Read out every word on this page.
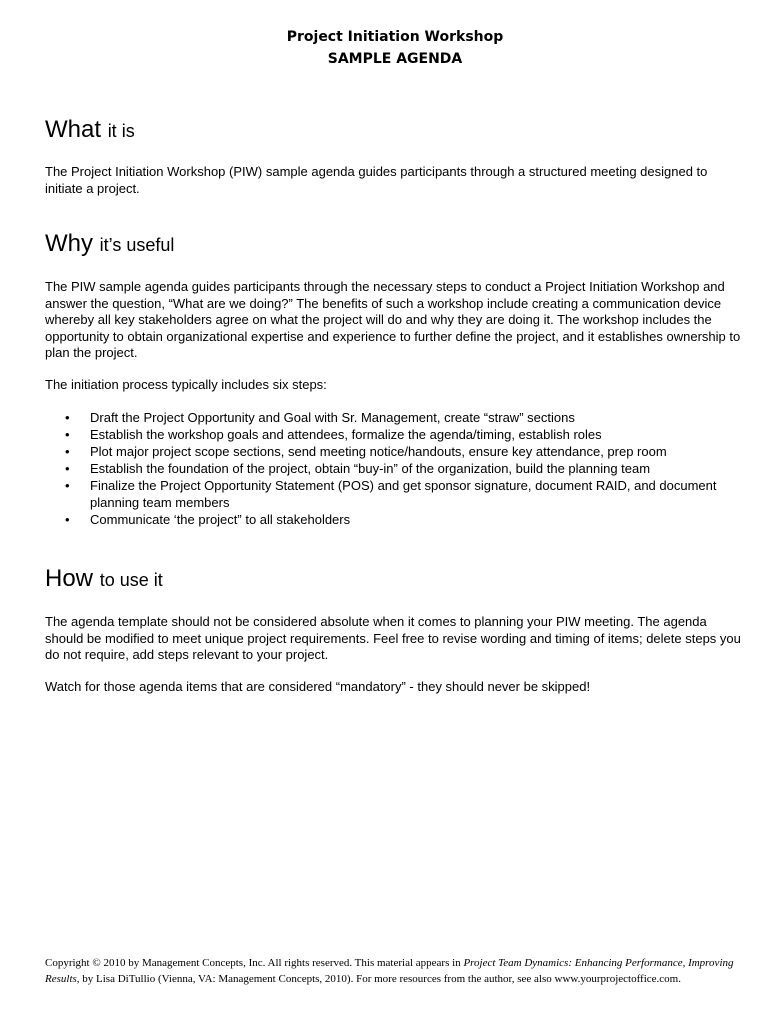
Project Initiation Workshop
SAMPLE AGENDA
What it is

The Project Initiation Workshop (PIW) sample agenda guides participants through a structured meeting designed to initiate a project.

Why it’s useful

The PIW sample agenda guides participants through the necessary steps to conduct a Project Initiation Workshop and answer the question, “What are we doing?” The benefits of such a workshop include creating a communication device whereby all key stakeholders agree on what the project will do and why they are doing it. The workshop includes the opportunity to obtain organizational expertise and experience to further define the project, and it establishes ownership to plan the project.

The initiation process typically includes six steps:

• Draft the Project Opportunity and Goal with Sr. Management, create “straw” sections
• Establish the workshop goals and attendees, formalize the agenda/timing, establish roles
• Plot major project scope sections, send meeting notice/handouts, ensure key attendance, prep room
• Establish the foundation of the project, obtain “buy-in” of the organization, build the planning team
• Finalize the Project Opportunity Statement (POS) and get sponsor signature, document RAID, and document planning team members
• Communicate ‘the project” to all stakeholders
How to use it

The agenda template should not be considered absolute when it comes to planning your PIW meeting. The agenda should be modified to meet unique project requirements. Feel free to revise wording and timing of items; delete steps you do not require, add steps relevant to your project.

Watch for those agenda items that are considered “mandatory” - they should never be skipped!

Copyright © 2010 by Management Concepts, Inc. All rights reserved. This material appears in Project Team Dynamics: Enhancing Performance, Improving Results, by Lisa DiTullio (Vienna, VA: Management Concepts, 2010). For more resources from the author, see also www.yourprojectoffice.com.
